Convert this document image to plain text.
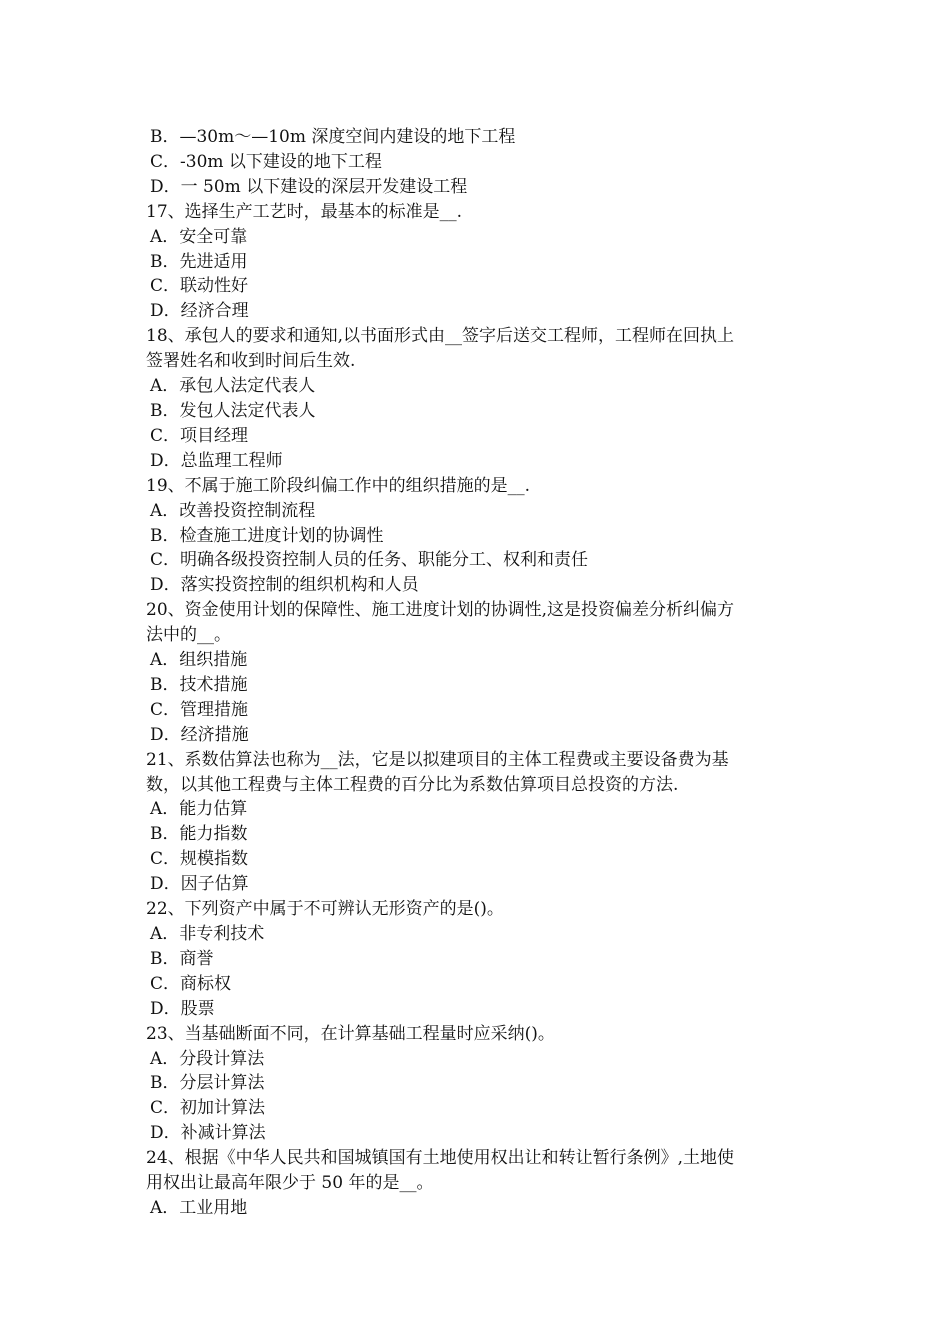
B．—30m～—10m 深度空间内建设的地下工程
C．-30m 以下建设的地下工程
D．一 50m 以下建设的深层开发建设工程
17、选择生产工艺时，最基本的标准是__.
A．安全可靠
B．先进适用
C．联动性好
D．经济合理
18、承包人的要求和通知,以书面形式由__签字后送交工程师，工程师在回执上
签署姓名和收到时间后生效.
A．承包人法定代表人
B．发包人法定代表人
C．项目经理
D．总监理工程师
19、不属于施工阶段纠偏工作中的组织措施的是__.
A．改善投资控制流程
B．检查施工进度计划的协调性
C．明确各级投资控制人员的任务、职能分工、权利和责任
D．落实投资控制的组织机构和人员
20、资金使用计划的保障性、施工进度计划的协调性,这是投资偏差分析纠偏方
法中的__。
A．组织措施
B．技术措施
C．管理措施
D．经济措施
21、系数估算法也称为__法，它是以拟建项目的主体工程费或主要设备费为基
数，以其他工程费与主体工程费的百分比为系数估算项目总投资的方法.
A．能力估算
B．能力指数
C．规模指数
D．因子估算
22、下列资产中属于不可辨认无形资产的是()。
A．非专利技术
B．商誉
C．商标权
D．股票
23、当基础断面不同，在计算基础工程量时应采纳()。
A．分段计算法
B．分层计算法
C．初加计算法
D．补减计算法
24、根据《中华人民共和国城镇国有土地使用权出让和转让暂行条例》,土地使
用权出让最高年限少于 50 年的是__。
A．工业用地
